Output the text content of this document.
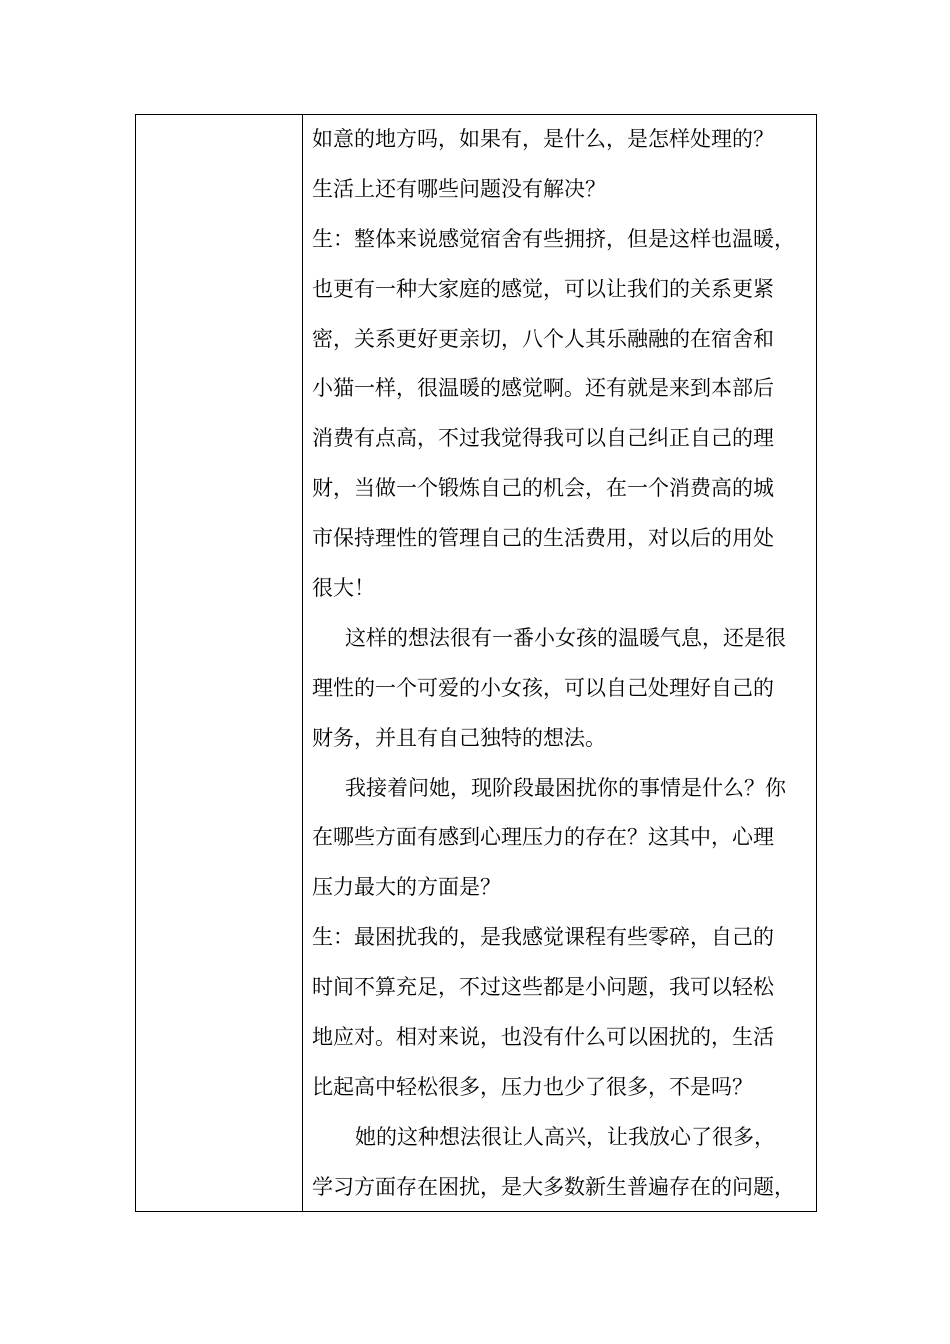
如意的地方吗，如果有，是什么，是怎样处理的？
生活上还有哪些问题没有解决？
生：整体来说感觉宿舍有些拥挤，但是这样也温暖，
也更有一种大家庭的感觉，可以让我们的关系更紧
密，关系更好更亲切，八个人其乐融融的在宿舍和
小猫一样，很温暖的感觉啊。还有就是来到本部后
消费有点高，不过我觉得我可以自己纠正自己的理
财，当做一个锻炼自己的机会，在一个消费高的城
市保持理性的管理自己的生活费用，对以后的用处
很大！
这样的想法很有一番小女孩的温暖气息，还是很
理性的一个可爱的小女孩，可以自己处理好自己的
财务，并且有自己独特的想法。
我接着问她，现阶段最困扰你的事情是什么？你
在哪些方面有感到心理压力的存在？这其中，心理
压力最大的方面是？
生：最困扰我的，是我感觉课程有些零碎，自己的
时间不算充足，不过这些都是小问题，我可以轻松
地应对。相对来说，也没有什么可以困扰的，生活
比起高中轻松很多，压力也少了很多，不是吗？
她的这种想法很让人高兴，让我放心了很多，
学习方面存在困扰，是大多数新生普遍存在的问题，
